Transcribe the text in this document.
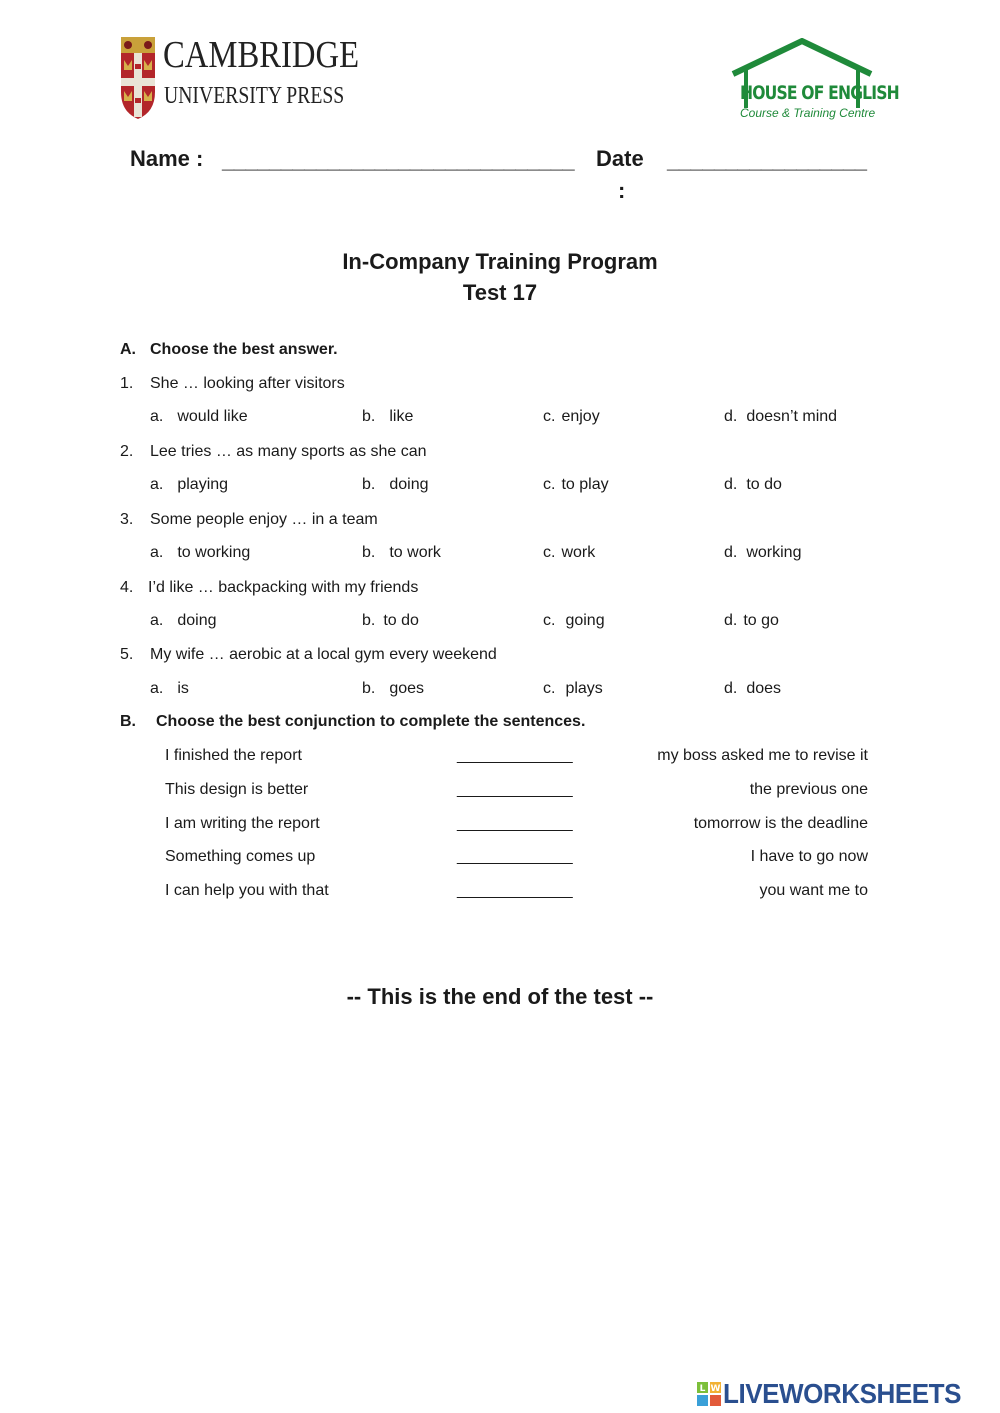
CAMBRIDGE
UNIVERSITY PRESS	HOUSE OF ENGLISH
Course & Training Centre
Name : ______________________________ Date
:
_________________
In-Company Training Program
Test 17
A. Choose the best answer.
1. She … looking after visitors
a. would like	b. like	c. enjoy	d. doesn’t mind
2. Lee tries … as many sports as she can
a. playing	b. doing	c. to play	d. to do
3. Some people enjoy … in a team
a. to working	b. to work	c. work	d. working
4. I’d like … backpacking with my friends
a. doing	b. to do	c. going	d. to go
5. My wife … aerobic at a local gym every weekend
a. is	b. goes	c. plays	d. does
B. Choose the best conjunction to complete the sentences.
I finished the report	_____________	my boss asked me to revise it
This design is better	_____________	the previous one
I am writing the report	_____________	tomorrow is the deadline
Something comes up	_____________	I have to go now
I can help you with that	_____________	you want me to
-- This is the end of the test --
L W LIVEWORKSHEETS
